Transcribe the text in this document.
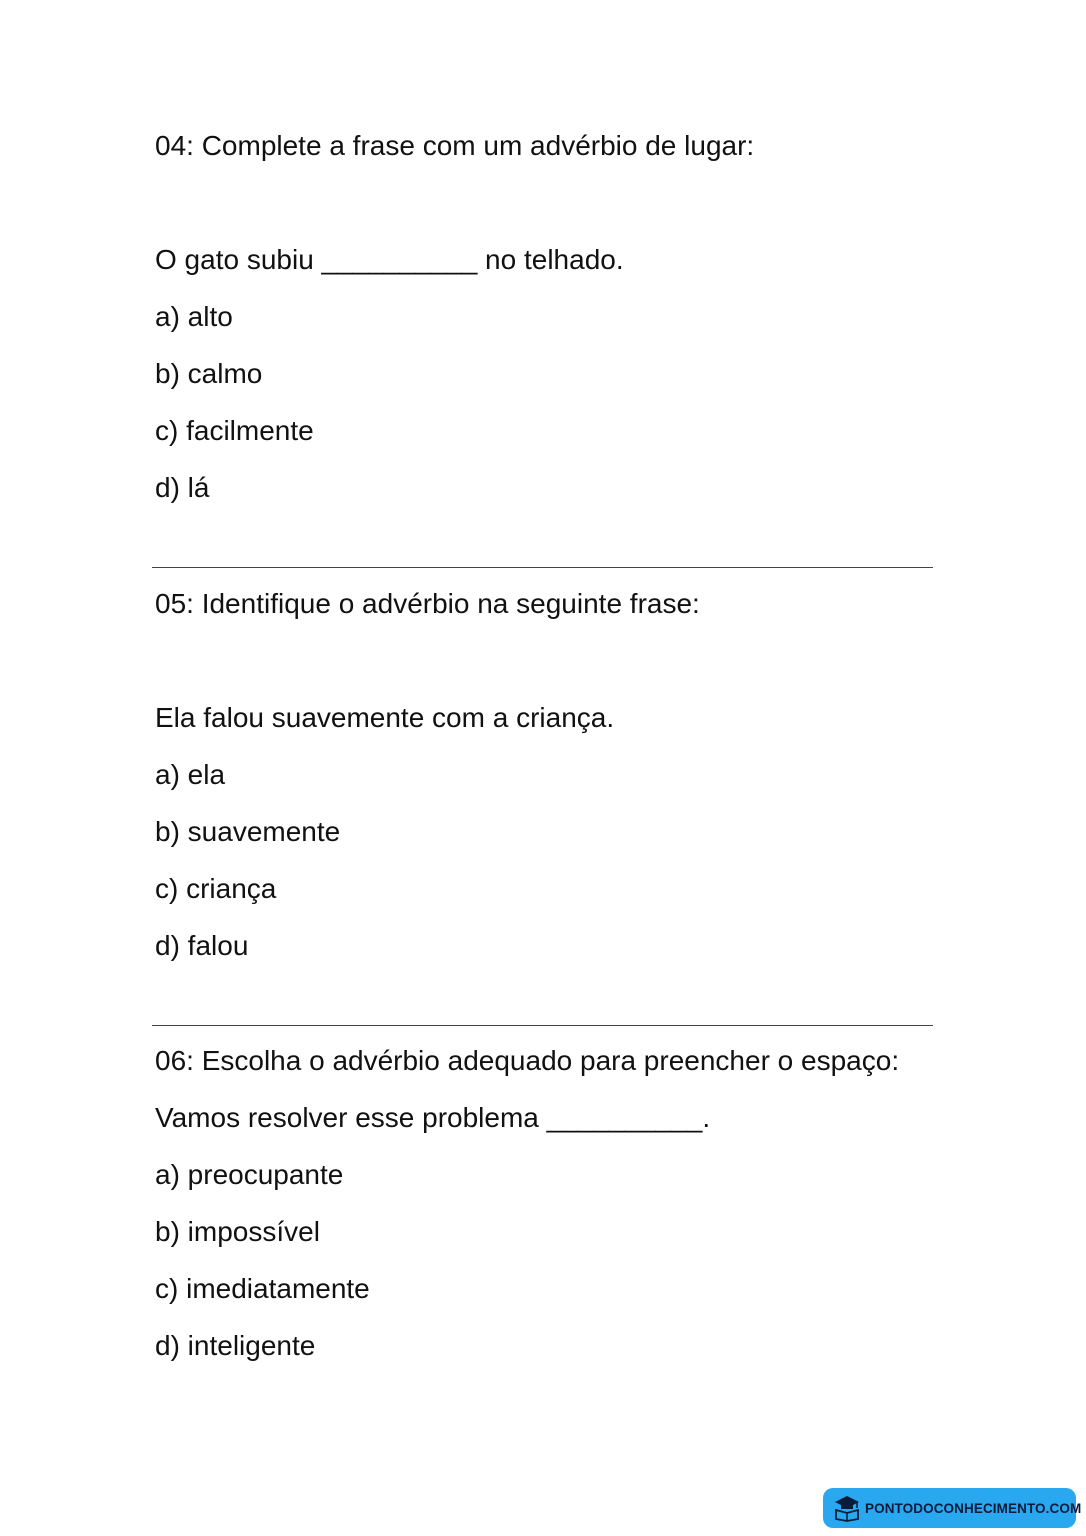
04: Complete a frase com um advérbio de lugar:
O gato subiu __________ no telhado.
a) alto
b) calmo
c) facilmente
d) lá
05: Identifique o advérbio na seguinte frase:
Ela falou suavemente com a criança.
a) ela
b) suavemente
c) criança
d) falou
06: Escolha o advérbio adequado para preencher o espaço:
Vamos resolver esse problema __________.
a) preocupante
b) impossível
c) imediatamente
d) inteligente
PONTODOCONHECIMENTO.COM
